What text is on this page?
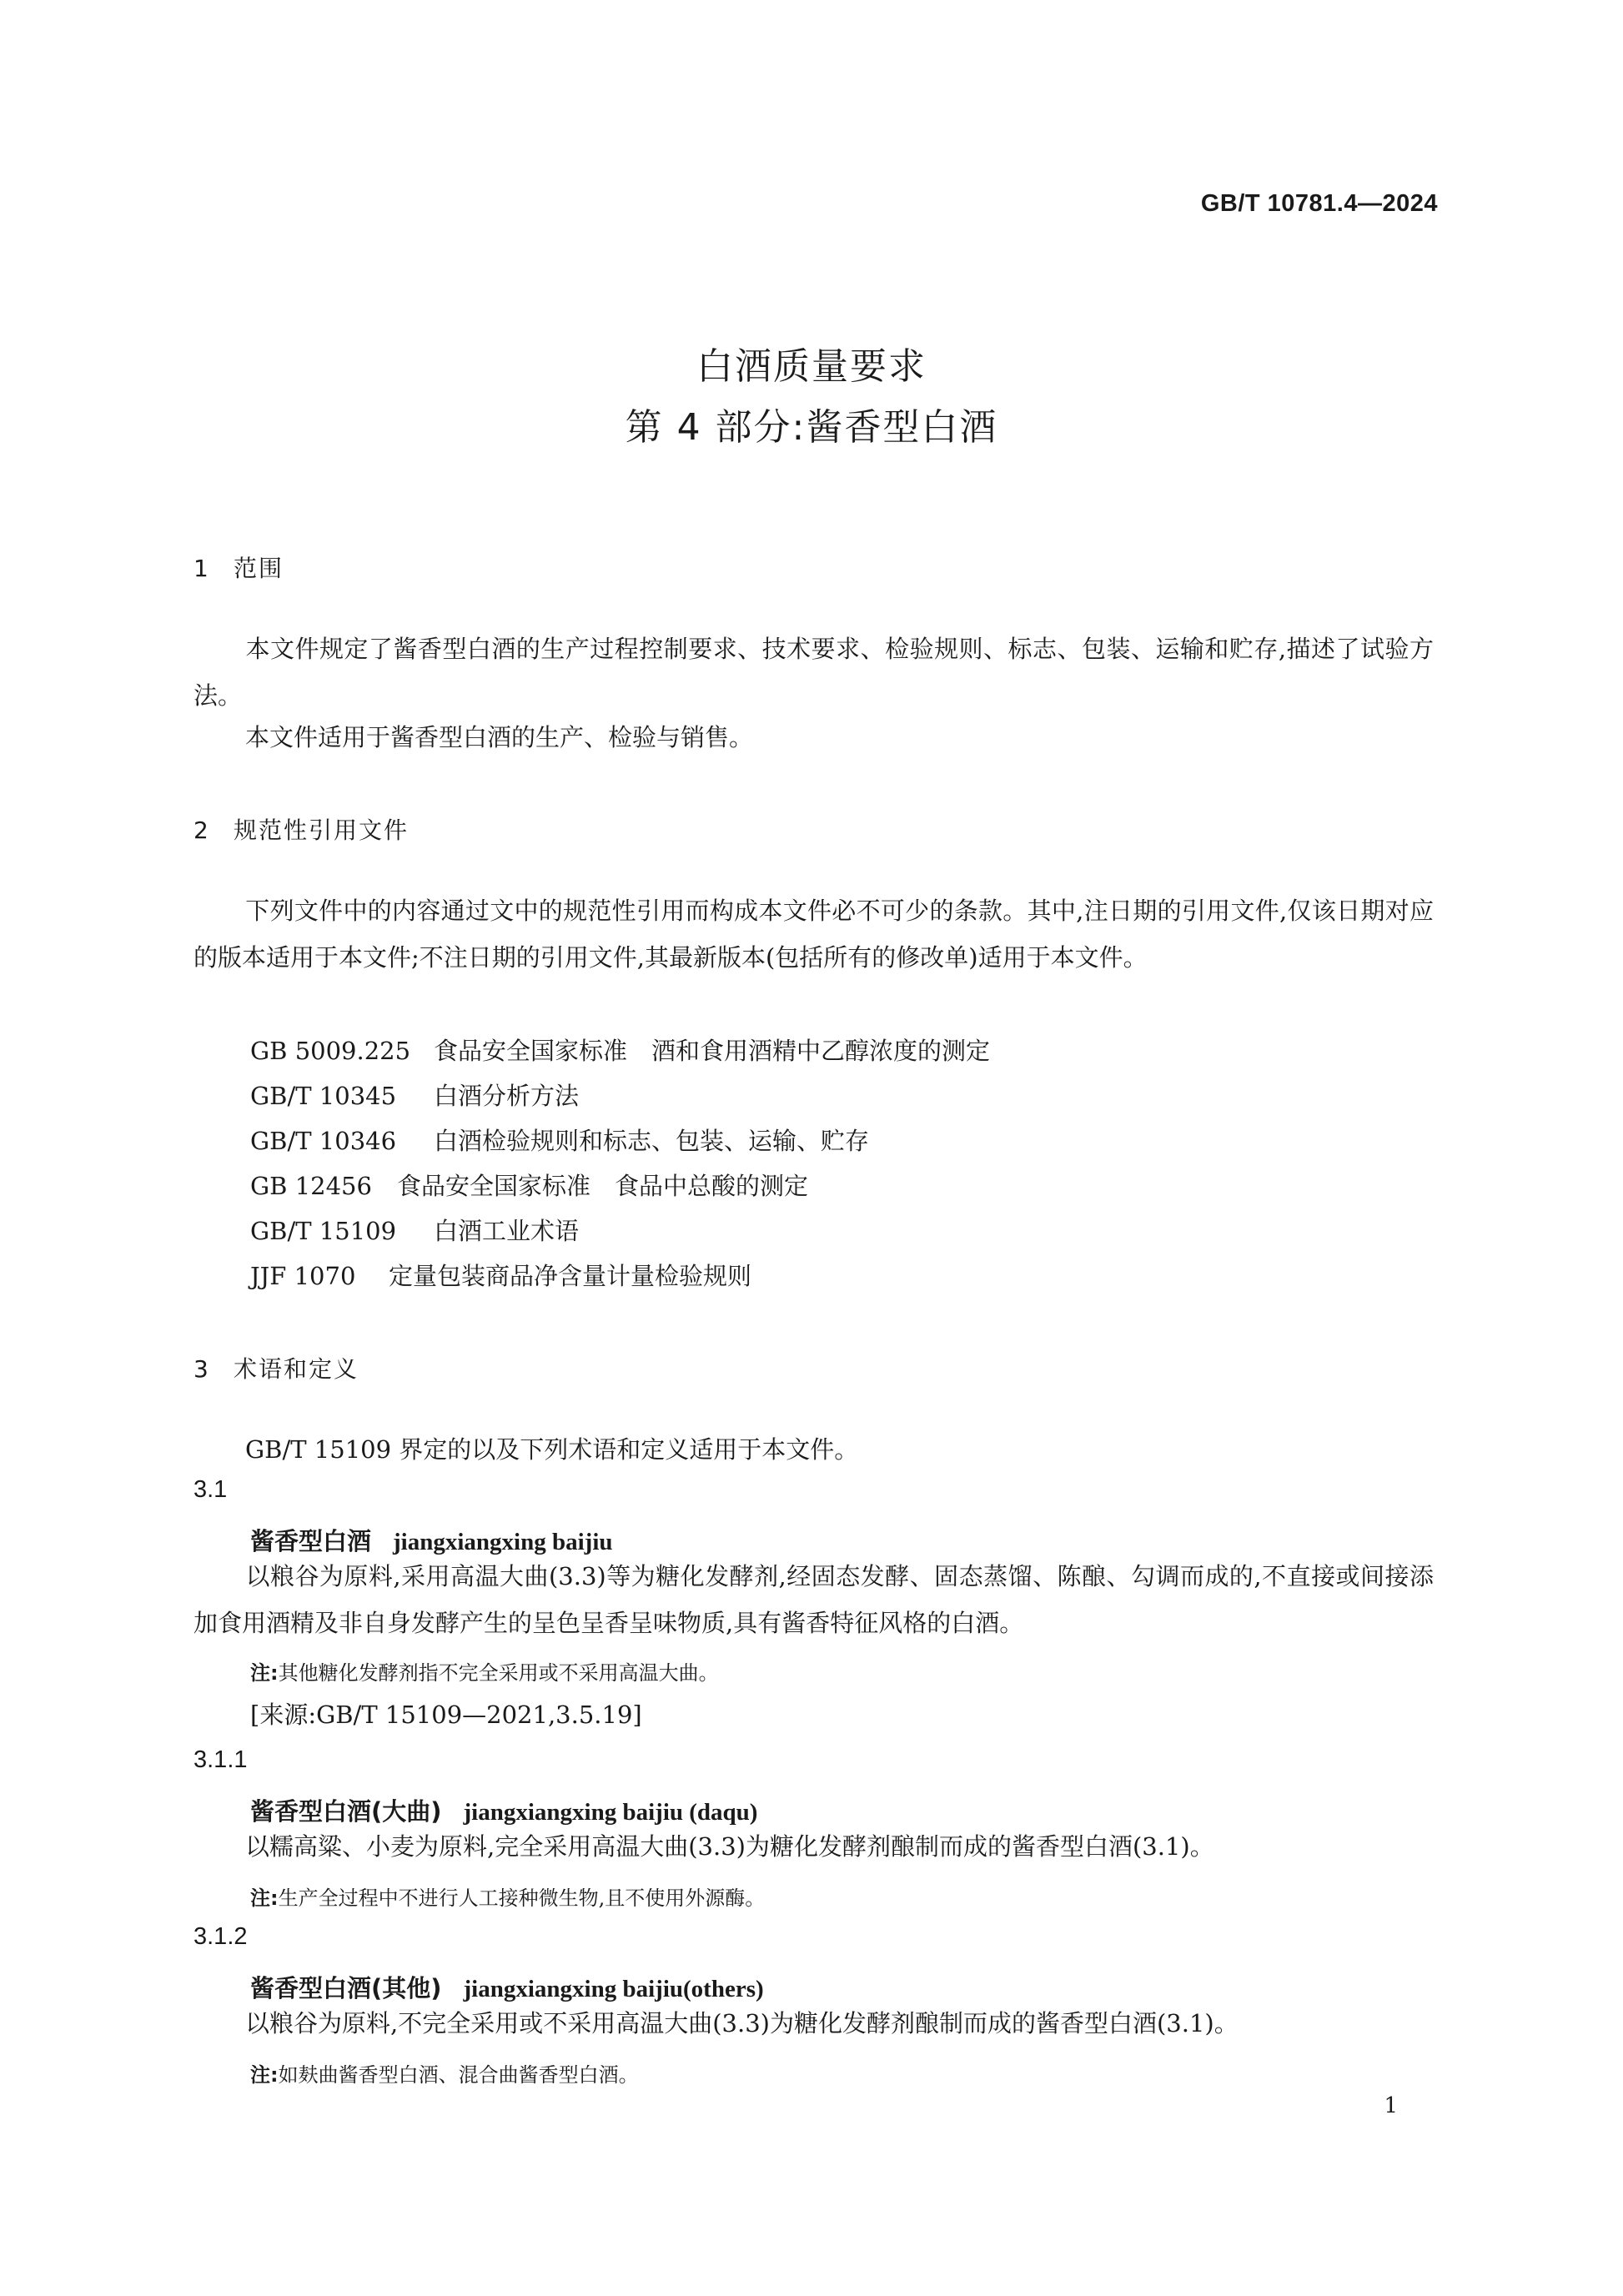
GB/T 10781.4—2024
白酒质量要求
第 4 部分:酱香型白酒
1 范围
本文件规定了酱香型白酒的生产过程控制要求、技术要求、检验规则、标志、包装、运输和贮存,描述了试验方法。
本文件适用于酱香型白酒的生产、检验与销售。
2 规范性引用文件
下列文件中的内容通过文中的规范性引用而构成本文件必不可少的条款。其中,注日期的引用文件,仅该日期对应的版本适用于本文件;不注日期的引用文件,其最新版本(包括所有的修改单)适用于本文件。
GB 5009.225 食品安全国家标准　酒和食用酒精中乙醇浓度的测定
GB/T 10345 白酒分析方法
GB/T 10346 白酒检验规则和标志、包装、运输、贮存
GB 12456 食品安全国家标准　食品中总酸的测定
GB/T 15109 白酒工业术语
JJF 1070 定量包装商品净含量计量检验规则
3 术语和定义
GB/T 15109 界定的以及下列术语和定义适用于本文件。
3.1
酱香型白酒 jiangxiangxing baijiu
以粮谷为原料,采用高温大曲(3.3)等为糖化发酵剂,经固态发酵、固态蒸馏、陈酿、勾调而成的,不直接或间接添加食用酒精及非自身发酵产生的呈色呈香呈味物质,具有酱香特征风格的白酒。
注:其他糖化发酵剂指不完全采用或不采用高温大曲。
[来源:GB/T 15109—2021,3.5.19]
3.1.1
酱香型白酒(大曲) jiangxiangxing baijiu (daqu)
以糯高粱、小麦为原料,完全采用高温大曲(3.3)为糖化发酵剂酿制而成的酱香型白酒(3.1)。
注:生产全过程中不进行人工接种微生物,且不使用外源酶。
3.1.2
酱香型白酒(其他) jiangxiangxing baijiu(others)
以粮谷为原料,不完全采用或不采用高温大曲(3.3)为糖化发酵剂酿制而成的酱香型白酒(3.1)。
注:如麸曲酱香型白酒、混合曲酱香型白酒。
1
